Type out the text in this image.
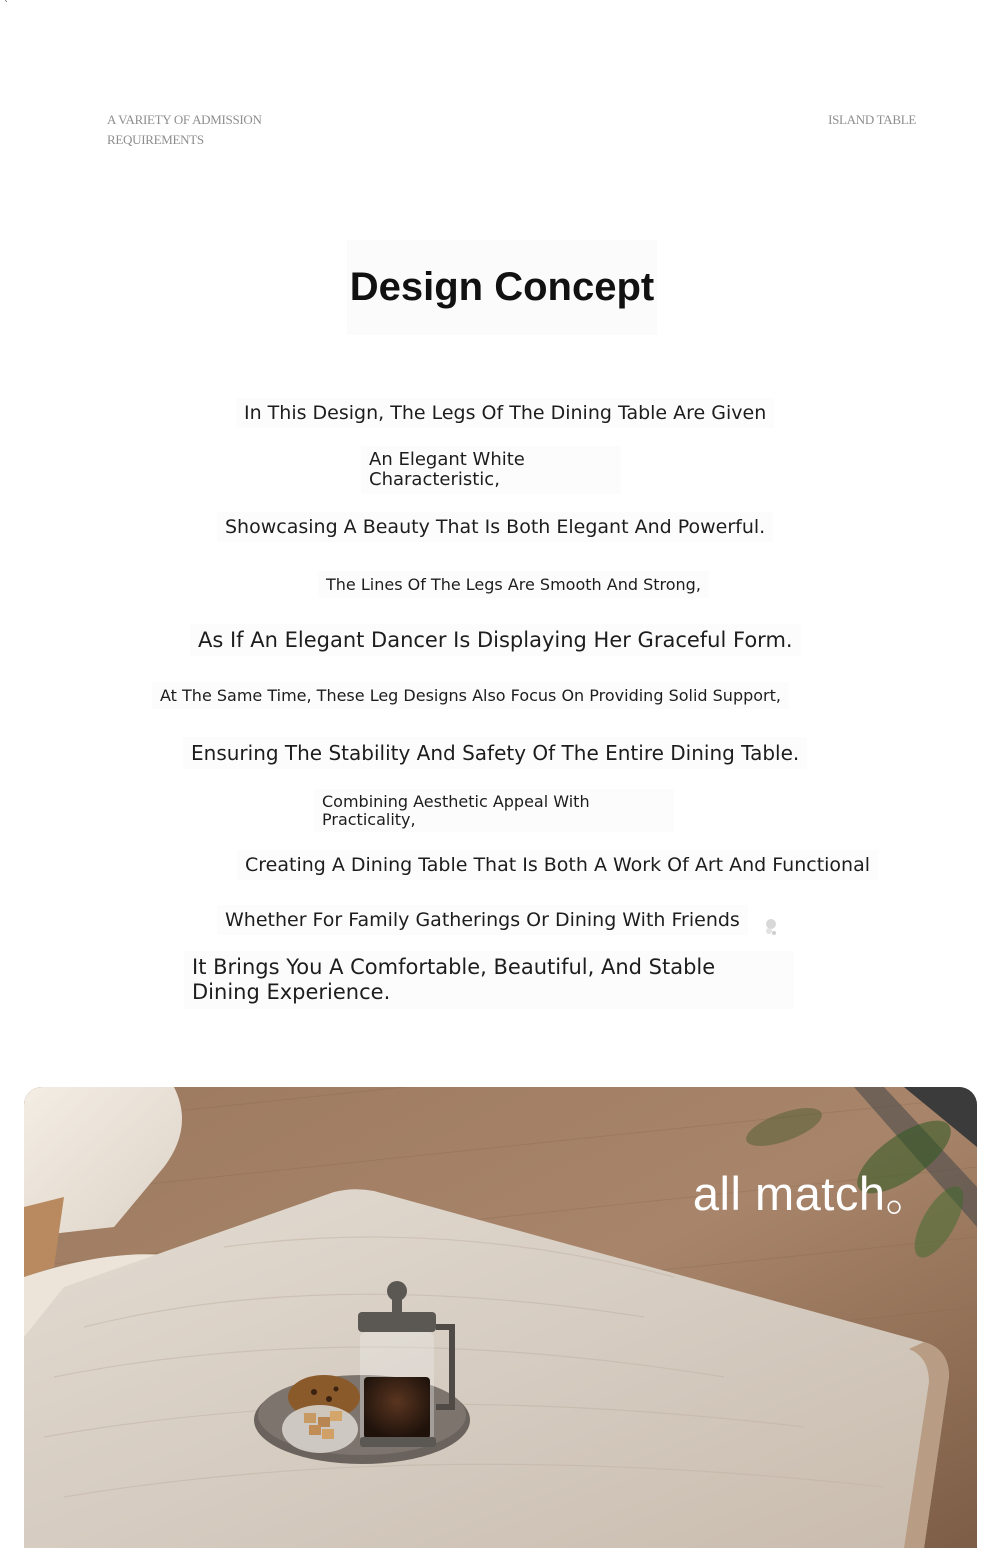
`
A VARIETY OF ADMISSION REQUIREMENTS
ISLAND TABLE
Design Concept
In This Design, The Legs Of The Dining Table Are Given
An Elegant White
Characteristic,
Showcasing A Beauty That Is Both Elegant And Powerful.
The Lines Of The Legs Are Smooth And Strong,
As If An Elegant Dancer Is Displaying Her Graceful Form.
At The Same Time, These Leg Designs Also Focus On Providing Solid Support,
Ensuring The Stability And Safety Of The Entire Dining Table.
Combining Aesthetic Appeal With
Practicality,
Creating A Dining Table That Is Both A Work Of Art And Functional
Whether For Family Gatherings Or Dining With Friends
It Brings You A Comfortable, Beautiful, And Stable Dining Experience.
all match。
